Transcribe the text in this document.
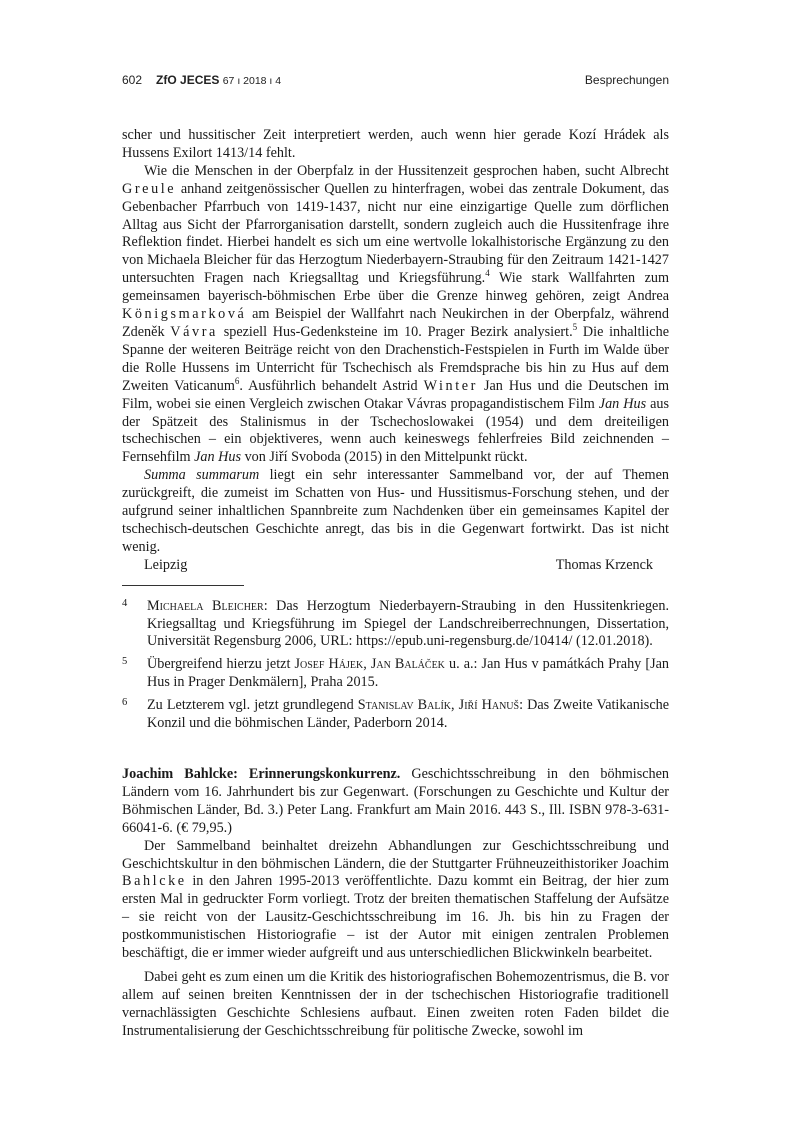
602 ZfO JECES 67 ı 2018 ı 4	Besprechungen

scher und hussitischer Zeit interpretiert werden, auch wenn hier gerade Kozí Hrádek als Hussens Exilort 1413/14 fehlt.

Wie die Menschen in der Oberpfalz in der Hussitenzeit gesprochen haben, sucht Albrecht Greule anhand zeitgenössischer Quellen zu hinterfragen, wobei das zentrale Dokument, das Gebenbacher Pfarrbuch von 1419-1437, nicht nur eine einzigartige Quelle zum dörflichen Alltag aus Sicht der Pfarrorganisation darstellt, sondern zugleich auch die Hussitenfrage ihre Reflektion findet. Hierbei handelt es sich um eine wertvolle lokalhistorische Ergänzung zu den von Michaela Bleicher für das Herzogtum Niederbayern-Straubing für den Zeitraum 1421-1427 untersuchten Fragen nach Kriegsalltag und Kriegsführung.$^4$ Wie stark Wallfahrten zum gemeinsamen bayerisch-böhmischen Erbe über die Grenze hinweg gehören, zeigt Andrea Königsmarková am Beispiel der Wallfahrt nach Neukirchen in der Oberpfalz, während Zdeněk Vávra speziell Hus-Gedenksteine im 10. Prager Bezirk analysiert.$^5$ Die inhaltliche Spanne der weiteren Beiträge reicht von den Drachenstich-Festspielen in Furth im Walde über die Rolle Hussens im Unterricht für Tschechisch als Fremdsprache bis hin zu Hus auf dem Zweiten Vaticanum$^6$. Ausführlich behandelt Astrid Winter Jan Hus und die Deutschen im Film, wobei sie einen Vergleich zwischen Otakar Vávras propagandistischem Film Jan Hus aus der Spätzeit des Stalinismus in der Tschechoslowakei (1954) und dem dreiteiligen tschechischen – ein objektiveres, wenn auch keineswegs fehlerfreies Bild zeichnenden – Fernsehfilm Jan Hus von Jiří Svoboda (2015) in den Mittelpunkt rückt.

Summa summarum liegt ein sehr interessanter Sammelband vor, der auf Themen zurückgreift, die zumeist im Schatten von Hus- und Hussitismus-Forschung stehen, und der aufgrund seiner inhaltlichen Spannbreite zum Nachdenken über ein gemeinsames Kapitel der tschechisch-deutschen Geschichte anregt, das bis in die Gegenwart fortwirkt. Das ist nicht wenig.

Leipzig	Thomas Krzenck
4	Michaela Bleicher: Das Herzogtum Niederbayern-Straubing in den Hussitenkriegen. Kriegsalltag und Kriegsführung im Spiegel der Landschreiberrechnungen, Dissertation, Universität Regensburg 2006, URL: https://epub.uni-regensburg.de/10414/ (12.01.2018).
5	Übergreifend hierzu jetzt Josef Hájek, Jan Baláček u. a.: Jan Hus v památkách Prahy [Jan Hus in Prager Denkmälern], Praha 2015.
6	Zu Letzterem vgl. jetzt grundlegend Stanislav Balík, Jiří Hanuš: Das Zweite Vatikanische Konzil und die böhmischen Länder, Paderborn 2014.

Joachim Bahlcke: Erinnerungskonkurrenz. Geschichtsschreibung in den böhmischen Ländern vom 16. Jahrhundert bis zur Gegenwart. (Forschungen zu Geschichte und Kultur der Böhmischen Länder, Bd. 3.) Peter Lang. Frankfurt am Main 2016. 443 S., Ill. ISBN 978-3-631-66041-6. (€ 79,95.)

Der Sammelband beinhaltet dreizehn Abhandlungen zur Geschichtsschreibung und Geschichtskultur in den böhmischen Ländern, die der Stuttgarter Frühneuzeithistoriker Joachim Bahlcke in den Jahren 1995-2013 veröffentlichte. Dazu kommt ein Beitrag, der hier zum ersten Mal in gedruckter Form vorliegt. Trotz der breiten thematischen Staffelung der Aufsätze – sie reicht von der Lausitz-Geschichtsschreibung im 16. Jh. bis hin zu Fragen der postkommunistischen Historiografie – ist der Autor mit einigen zentralen Problemen beschäftigt, die er immer wieder aufgreift und aus unterschiedlichen Blickwinkeln bearbeitet.

Dabei geht es zum einen um die Kritik des historiografischen Bohemozentrismus, die B. vor allem auf seinen breiten Kenntnissen der in der tschechischen Historiografie traditionell vernachlässigten Geschichte Schlesiens aufbaut. Einen zweiten roten Faden bildet die Instrumentalisierung der Geschichtsschreibung für politische Zwecke, sowohl im
